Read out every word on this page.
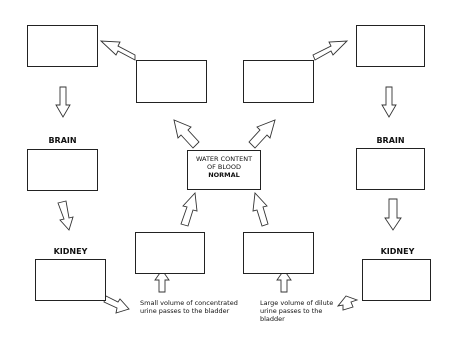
BRAIN
KIDNEY
WATER CONTENT
OF BLOOD
NORMAL
BRAIN
KIDNEY
Small volume of concentrated urine passes to the bladder
Large volume of dilute urine passes to the bladder
